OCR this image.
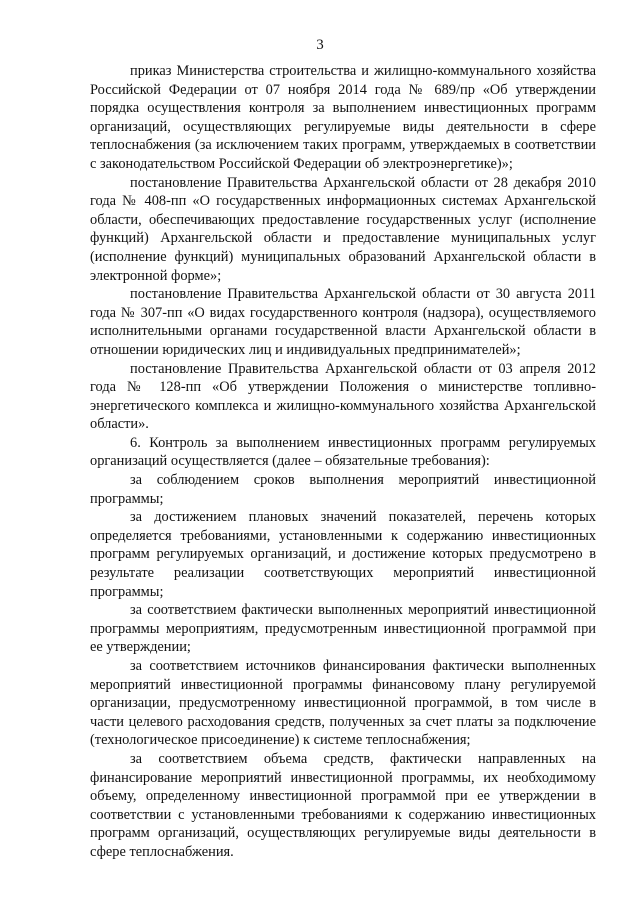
3

приказ Министерства строительства и жилищно-коммунального хозяйства Российской Федерации от 07 ноября 2014 года № 689/пр «Об утверждении порядка осуществления контроля за выполнением инвестиционных программ организаций, осуществляющих регулируемые виды деятельности в сфере теплоснабжения (за исключением таких программ, утверждаемых в соответствии с законодательством Российской Федерации об электроэнергетике)»;

постановление Правительства Архангельской области от 28 декабря 2010 года № 408-пп «О государственных информационных системах Архангельской области, обеспечивающих предоставление государственных услуг (исполнение функций) Архангельской области и предоставление муниципальных услуг (исполнение функций) муниципальных образований Архангельской области в электронной форме»;

постановление Правительства Архангельской области от 30 августа 2011 года № 307-пп «О видах государственного контроля (надзора), осуществляемого исполнительными органами государственной власти Архангельской области в отношении юридических лиц и индивидуальных предпринимателей»;

постановление Правительства Архангельской области от 03 апреля 2012 года № 128-пп «Об утверждении Положения о министерстве топливно-энергетического комплекса и жилищно-коммунального хозяйства Архангельской области».

6. Контроль за выполнением инвестиционных программ регулируемых организаций осуществляется (далее – обязательные требования):

за соблюдением сроков выполнения мероприятий инвестиционной программы;

за достижением плановых значений показателей, перечень которых определяется требованиями, установленными к содержанию инвестиционных программ регулируемых организаций, и достижение которых предусмотрено в результате реализации соответствующих мероприятий инвестиционной программы;

за соответствием фактически выполненных мероприятий инвестиционной программы мероприятиям, предусмотренным инвестиционной программой при ее утверждении;

за соответствием источников финансирования фактически выполненных мероприятий инвестиционной программы финансовому плану регулируемой организации, предусмотренному инвестиционной программой, в том числе в части целевого расходования средств, полученных за счет платы за подключение (технологическое присоединение) к системе теплоснабжения;

за соответствием объема средств, фактически направленных на финансирование мероприятий инвестиционной программы, их необходимому объему, определенному инвестиционной программой при ее утверждении в соответствии с установленными требованиями к содержанию инвестиционных программ организаций, осуществляющих регулируемые виды деятельности в сфере теплоснабжения.
